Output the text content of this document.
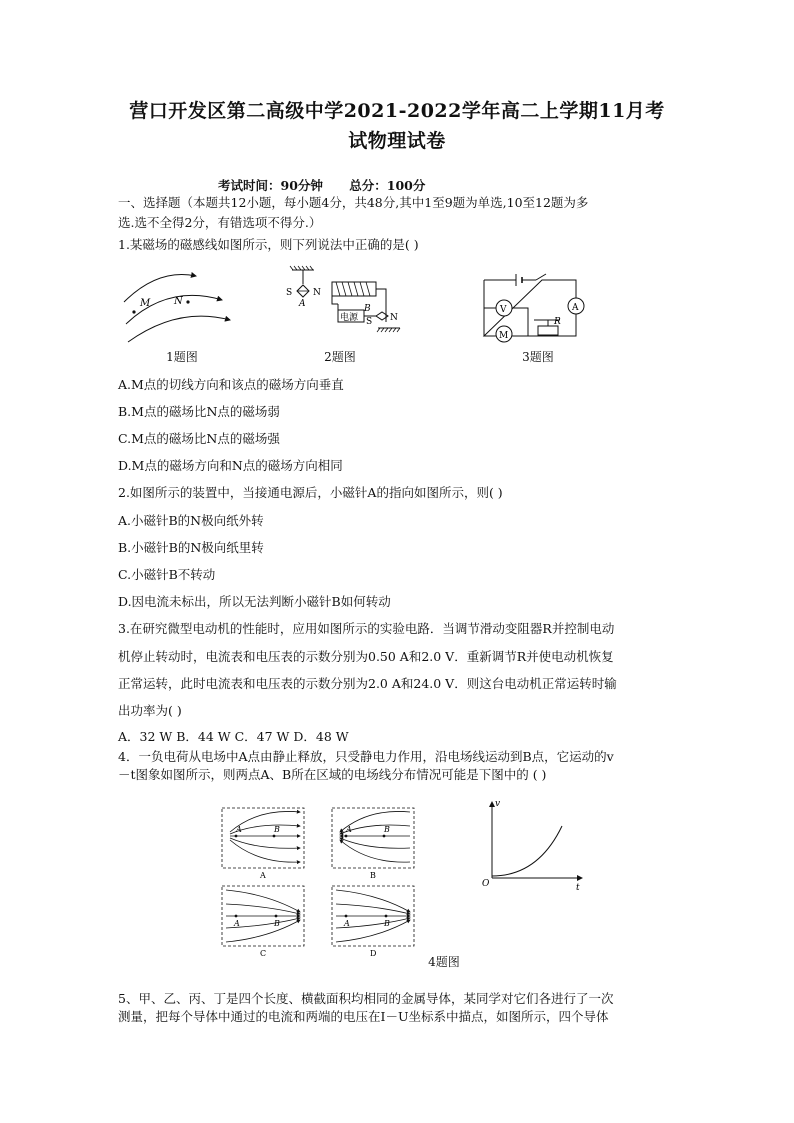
营口开发区第二高级中学2021-2022学年高二上学期11月考
试物理试卷
考试时间：90分钟 总分：100分
一、选择题（本题共12小题，每小题4分，共48分,其中1至9题为单选,10至12题为多
选.选不全得2分，有错选项不得分.）
1.某磁场的磁感线如图所示，则下列说法中正确的是( )
M N
1题图
S N
A
电源
B
S N
2题图
V	A
M
R
3题图
A.M点的切线方向和该点的磁场方向垂直
B.M点的磁场比N点的磁场弱
C.M点的磁场比N点的磁场强
D.M点的磁场方向和N点的磁场方向相同
2.如图所示的装置中，当接通电源后，小磁针A的指向如图所示，则( )
A.小磁针B的N极向纸外转
B.小磁针B的N极向纸里转
C.小磁针B不转动
D.因电流未标出，所以无法判断小磁针B如何转动
3.在研究微型电动机的性能时，应用如图所示的实验电路．当调节滑动变阻器R并控制电动
机停止转动时，电流表和电压表的示数分别为0.50 A和2.0 V．重新调节R并使电动机恢复
正常运转，此时电流表和电压表的示数分别为2.0 A和24.0 V．则这台电动机正常运转时输
出功率为( )
A．32 W B．44 W C．47 W D．48 W
4．一负电荷从电场中A点由静止释放，只受静电力作用，沿电场线运动到B点，它运动的v
－t图象如图所示，则两点A、B所在区域的电场线分布情况可能是下图中的 ( )
A	B
A
A	B
B
A	B
C
A	B
D
v
O	t
4题图
5、甲、乙、丙、丁是四个长度、横截面积均相同的金属导体，某同学对它们各进行了一次
测量，把每个导体中通过的电流和两端的电压在I－U坐标系中描点，如图所示，四个导体
